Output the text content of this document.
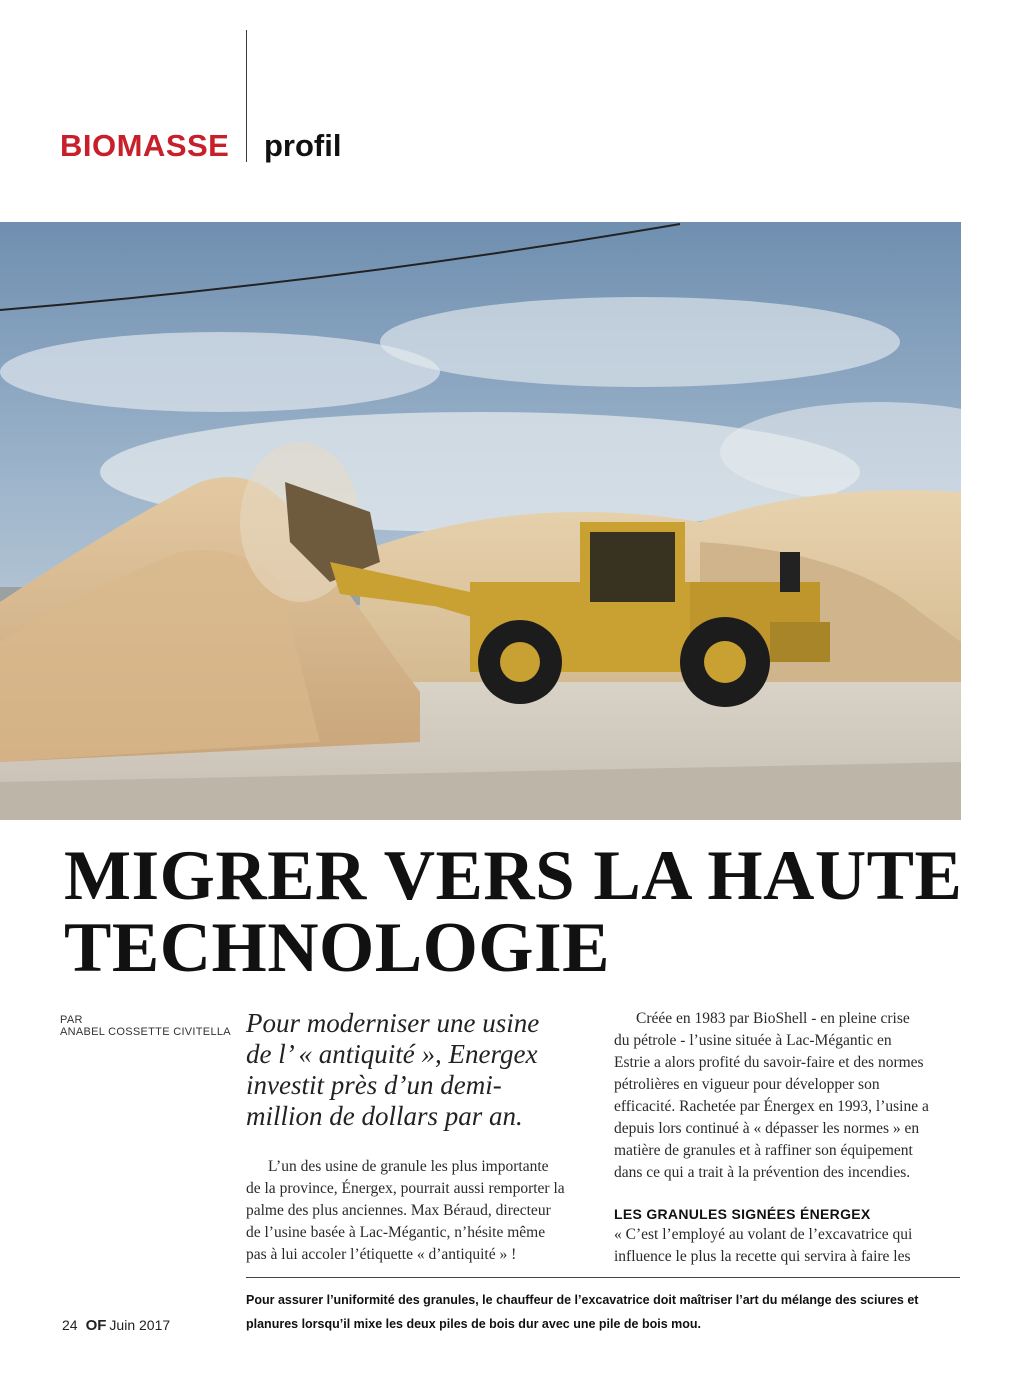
BIOMASSE profil
MIGRER VERS LA HAUTE
TECHNOLOGIE
PAR
ANABEL COSSETTE CIVITELLA Pour moderniser une usine
de l’ « antiquité », Energex
investit près d’un demi-
million de dollars par an.
L’un des usine de granule les plus importante
de la province, Énergex, pourrait aussi remporter la
palme des plus anciennes. Max Béraud, directeur
de l’usine basée à Lac-Mégantic, n’hésite même
pas à lui accoler l’étiquette « d’antiquité » !
Créée en 1983 par BioShell - en pleine crise
du pétrole - l’usine située à Lac-Mégantic en
Estrie a alors profité du savoir-faire et des normes
pétrolières en vigueur pour développer son
efficacité. Rachetée par Énergex en 1993, l’usine a
depuis lors continué à « dépasser les normes » en
matière de granules et à raffiner son équipement
dans ce qui a trait à la prévention des incendies.
LES GRANULES SIGNÉES ÉNERGEX
« C’est l’employé au volant de l’excavatrice qui
influence le plus la recette qui servira à faire les
Pour assurer l’uniformité des granules, le chauffeur de l’excavatrice doit maîtriser l’art du mélange des sciures et
planures lorsqu’il mixe les deux piles de bois dur avec une pile de bois mou.
24 OF Juin 2017
